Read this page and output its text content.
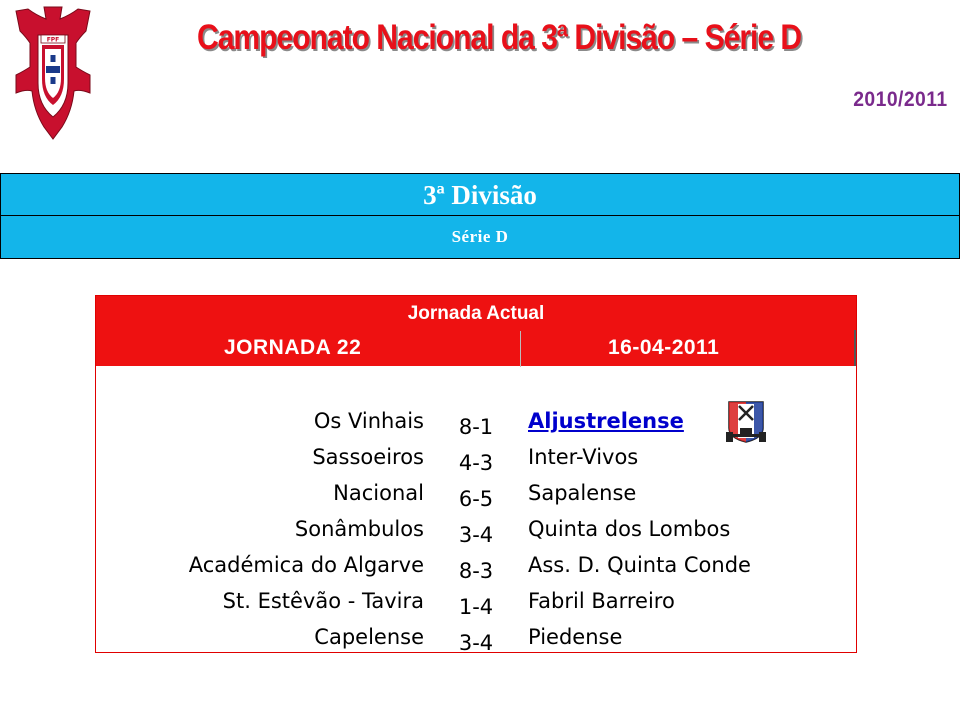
FPF	Campeonato Nacional da 3ª Divisão – Série D
2010/2011
3ª Divisão
Série D
Jornada Actual
JORNADA 22	16-04-2011
Os Vinhais	8-1	Aljustrelense
Sassoeiros	4-3	Inter-Vivos
Nacional	6-5	Sapalense
Sonâmbulos	3-4	Quinta dos Lombos
Académica do Algarve	8-3	Ass. D. Quinta Conde
St. Estêvão - Tavira	1-4	Fabril Barreiro
Capelense	3-4	Piedense
